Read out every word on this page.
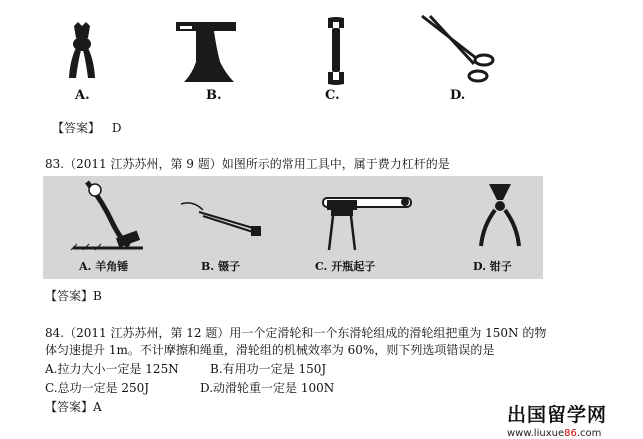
A.	B.	C.	D.
【答案】 D
83.（2011 江苏苏州，第 9 题）如图所示的常用工具中，属于费力杠杆的是
A. 羊角锤	B. 镊子	C. 开瓶起子	D. 钳子
【答案】B
84.（2011 江苏苏州，第 12 题）用一个定滑轮和一个东滑轮组成的滑轮组把重为 150N 的物
体匀速提升 1m。不计摩擦和绳重，滑轮组的机械效率为 60%，则下列选项错误的是
A.拉力大小一定是 125N	B.有用功一定是 150J
C.总功一定是 250J	D.动滑轮重一定是 100N
【答案】A	出国留学网
www.liuxue86.com
